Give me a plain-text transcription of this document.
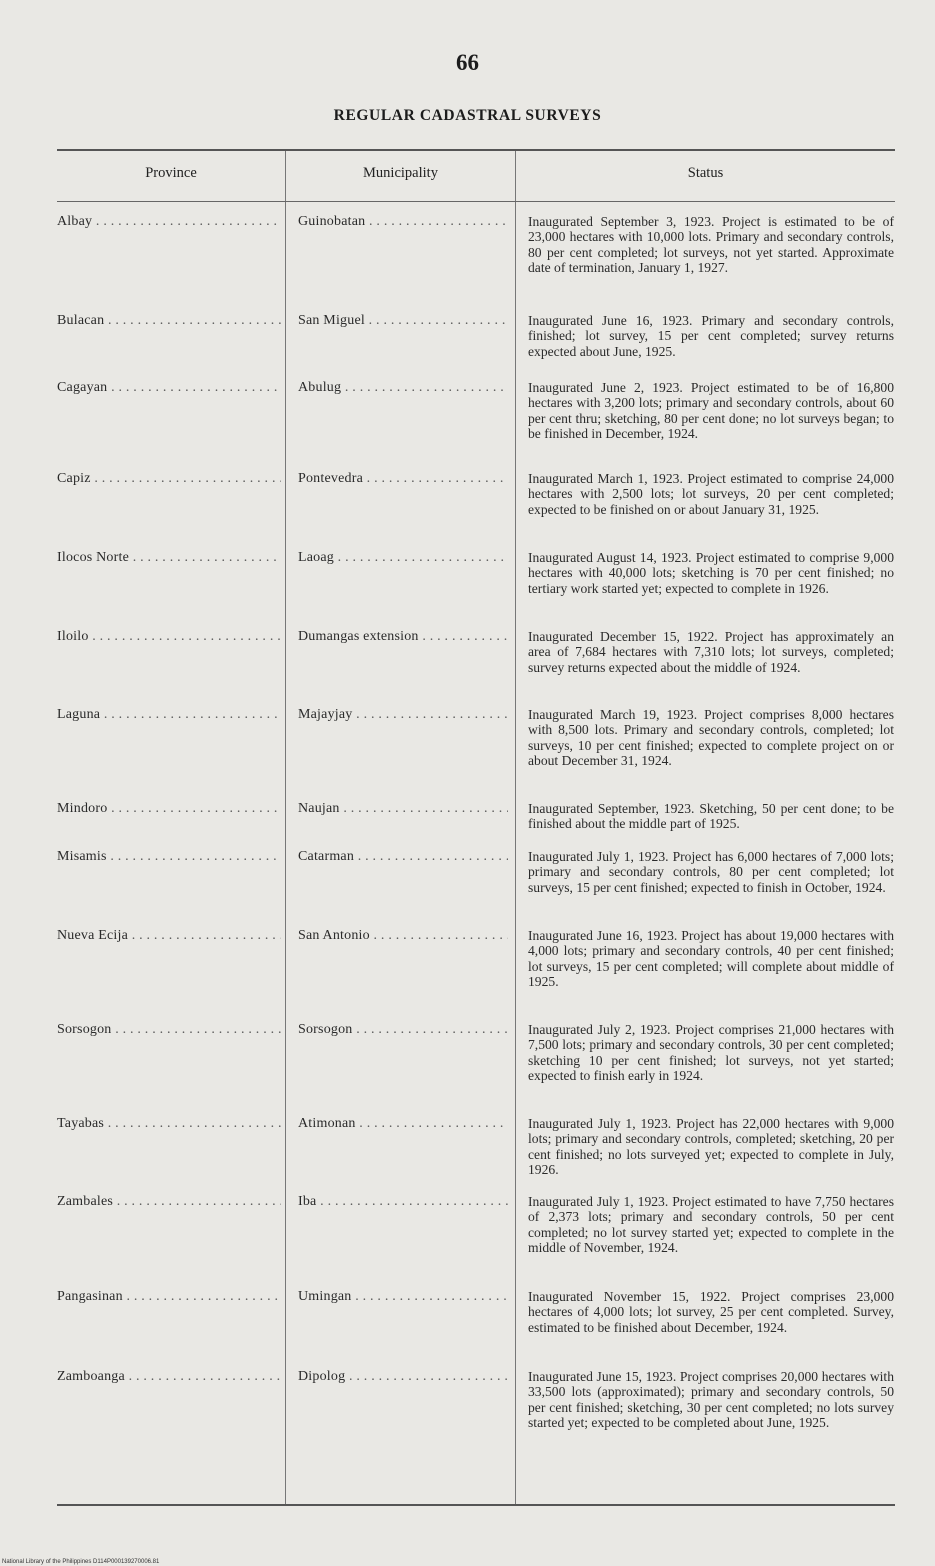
66
REGULAR CADASTRAL SURVEYS
Province	Municipality	Status
Albay . . .	Guinobatan . . .	Inaugurated September 3, 1923. Project is estimated to be of 23,000 hectares with 10,000 lots. Primary and secondary controls, 80 per cent completed; lot surveys, not yet started. Approximate date of termination, January 1, 1927.
Bulacan . . .	San Miguel . . .	Inaugurated June 16, 1923. Primary and secondary controls, finished; lot survey, 15 per cent completed; survey returns expected about June, 1925.
Cagayan . . .	Abulug . . .	Inaugurated June 2, 1923. Project estimated to be of 16,800 hectares with 3,200 lots; primary and secondary controls, about 60 per cent thru; sketching, 80 per cent done; no lot surveys began; to be finished in December, 1924.
Capiz . . .	Pontevedra . . .	Inaugurated March 1, 1923. Project estimated to comprise 24,000 hectares with 2,500 lots; lot surveys, 20 per cent completed; expected to be finished on or about January 31, 1925.
Ilocos Norte . . .	Laoag . . .	Inaugurated August 14, 1923. Project estimated to comprise 9,000 hectares with 40,000 lots; sketching is 70 per cent finished; no tertiary work started yet; expected to complete in 1926.
Iloilo . . .	Dumangas extension . . .	Inaugurated December 15, 1922. Project has approximately an area of 7,684 hectares with 7,310 lots; lot surveys, completed; survey returns expected about the middle of 1924.
Laguna . . .	Majayjay . . .	Inaugurated March 19, 1923. Project comprises 8,000 hectares with 8,500 lots. Primary and secondary controls, completed; lot surveys, 10 per cent finished; expected to complete project on or about December 31, 1924.
Mindoro . . .	Naujan . . .	Inaugurated September, 1923. Sketching, 50 per cent done; to be finished about the middle part of 1925.
Misamis . . .	Catarman . . .	Inaugurated July 1, 1923. Project has 6,000 hectares of 7,000 lots; primary and secondary controls, 80 per cent completed; lot surveys, 15 per cent finished; expected to finish in October, 1924.
Nueva Ecija . . .	San Antonio . . .	Inaugurated June 16, 1923. Project has about 19,000 hectares with 4,000 lots; primary and secondary controls, 40 per cent finished; lot surveys, 15 per cent completed; will complete about middle of 1925.
Sorsogon . . .	Sorsogon . . .	Inaugurated July 2, 1923. Project comprises 21,000 hectares with 7,500 lots; primary and secondary controls, 30 per cent completed; sketching 10 per cent finished; lot surveys, not yet started; expected to finish early in 1924.
Tayabas . . .	Atimonan . . .	Inaugurated July 1, 1923. Project has 22,000 hectares with 9,000 lots; primary and secondary controls, completed; sketching, 20 per cent finished; no lots surveyed yet; expected to complete in July, 1926.
Zambales . . .	Iba . . .	Inaugurated July 1, 1923. Project estimated to have 7,750 hectares of 2,373 lots; primary and secondary controls, 50 per cent completed; no lot survey started yet; expected to complete in the middle of November, 1924.
Pangasinan . . .	Umingan . . .	Inaugurated November 15, 1922. Project comprises 23,000 hectares of 4,000 lots; lot survey, 25 per cent completed. Survey, estimated to be finished about December, 1924.
Zamboanga . . .	Dipolog . . .	Inaugurated June 15, 1923. Project comprises 20,000 hectares with 33,500 lots (approximated); primary and secondary controls, 50 per cent finished; sketching, 30 per cent completed; no lots survey started yet; expected to be completed about June, 1925.
National Library of the Philippines D114P000139270006.81
